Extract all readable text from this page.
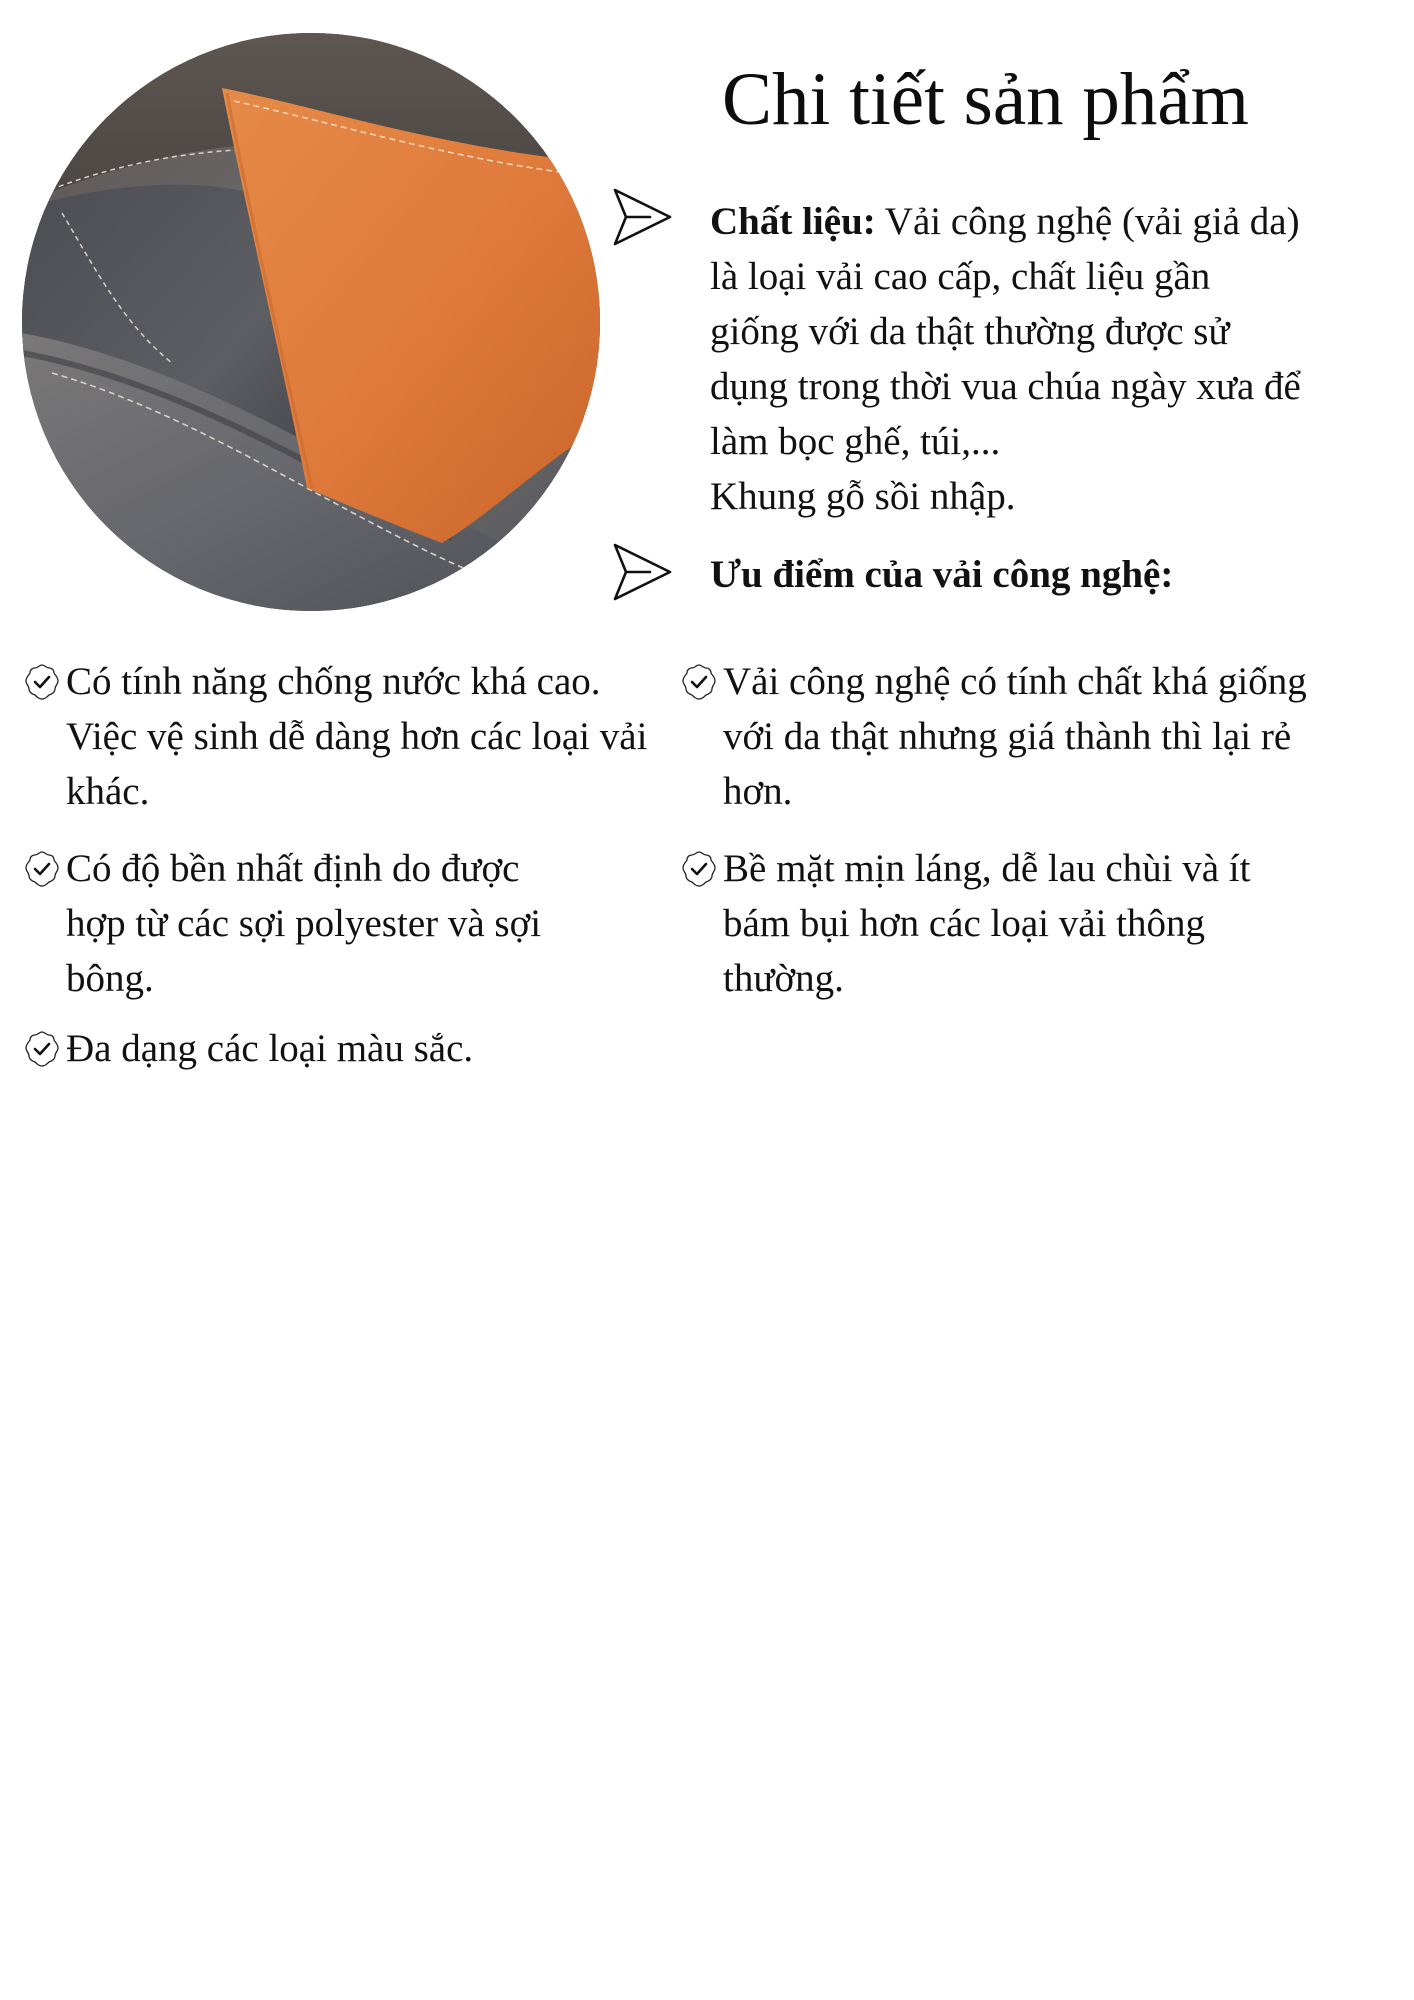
Chi tiết sản phẩm
Chất liệu: Vải công nghệ (vải giả da)
là loại vải cao cấp, chất liệu gần
giống với da thật thường được sử
dụng trong thời vua chúa ngày xưa để
làm bọc ghế, túi,...
Khung gỗ sồi nhập.
Ưu điểm của vải công nghệ:
Có tính năng chống nước khá cao.
Việc vệ sinh dễ dàng hơn các loại vải
khác.
Có độ bền nhất định do được
hợp từ các sợi polyester và sợi
bông.
Đa dạng các loại màu sắc.
Vải công nghệ có tính chất khá giống
với da thật nhưng giá thành thì lại rẻ
hơn.
Bề mặt mịn láng, dễ lau chùi và ít
bám bụi hơn các loại vải thông
thường.
